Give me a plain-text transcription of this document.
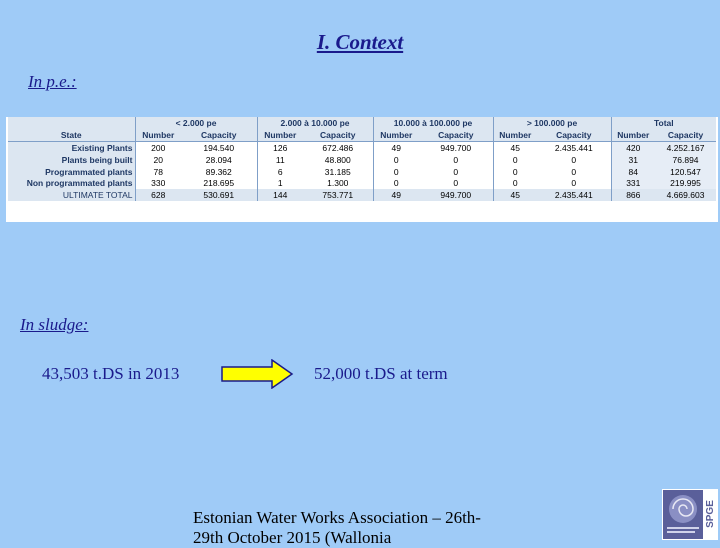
I. Context
In p.e.:
	< 2.000 pe		2.000 à 10.000 pe		10.000 à 100.000 pe		> 100.000 pe		Total	
State	Number	Capacity	Number	Capacity	Number	Capacity	Number	Capacity	Number	Capacity
Existing Plants	200	194.540	126	672.486	49	949.700	45	2.435.441	420	4.252.167
Plants being built	20	28.094	11	48.800	0	0	0	0	31	76.894
Programmated plants	78	89.362	6	31.185	0	0	0	0	84	120.547
Non programmated plants	330	218.695	1	1.300	0	0	0	0	331	219.995
ULTIMATE TOTAL	628	530.691	144	753.771	49	949.700	45	2.435.441	866	4.669.603
In sludge:
43,503 t.DS in 2013	52,000 t.DS at term
Estonian Water Works Association – 26th-29th October 2015 (Wallonia
SPGE
